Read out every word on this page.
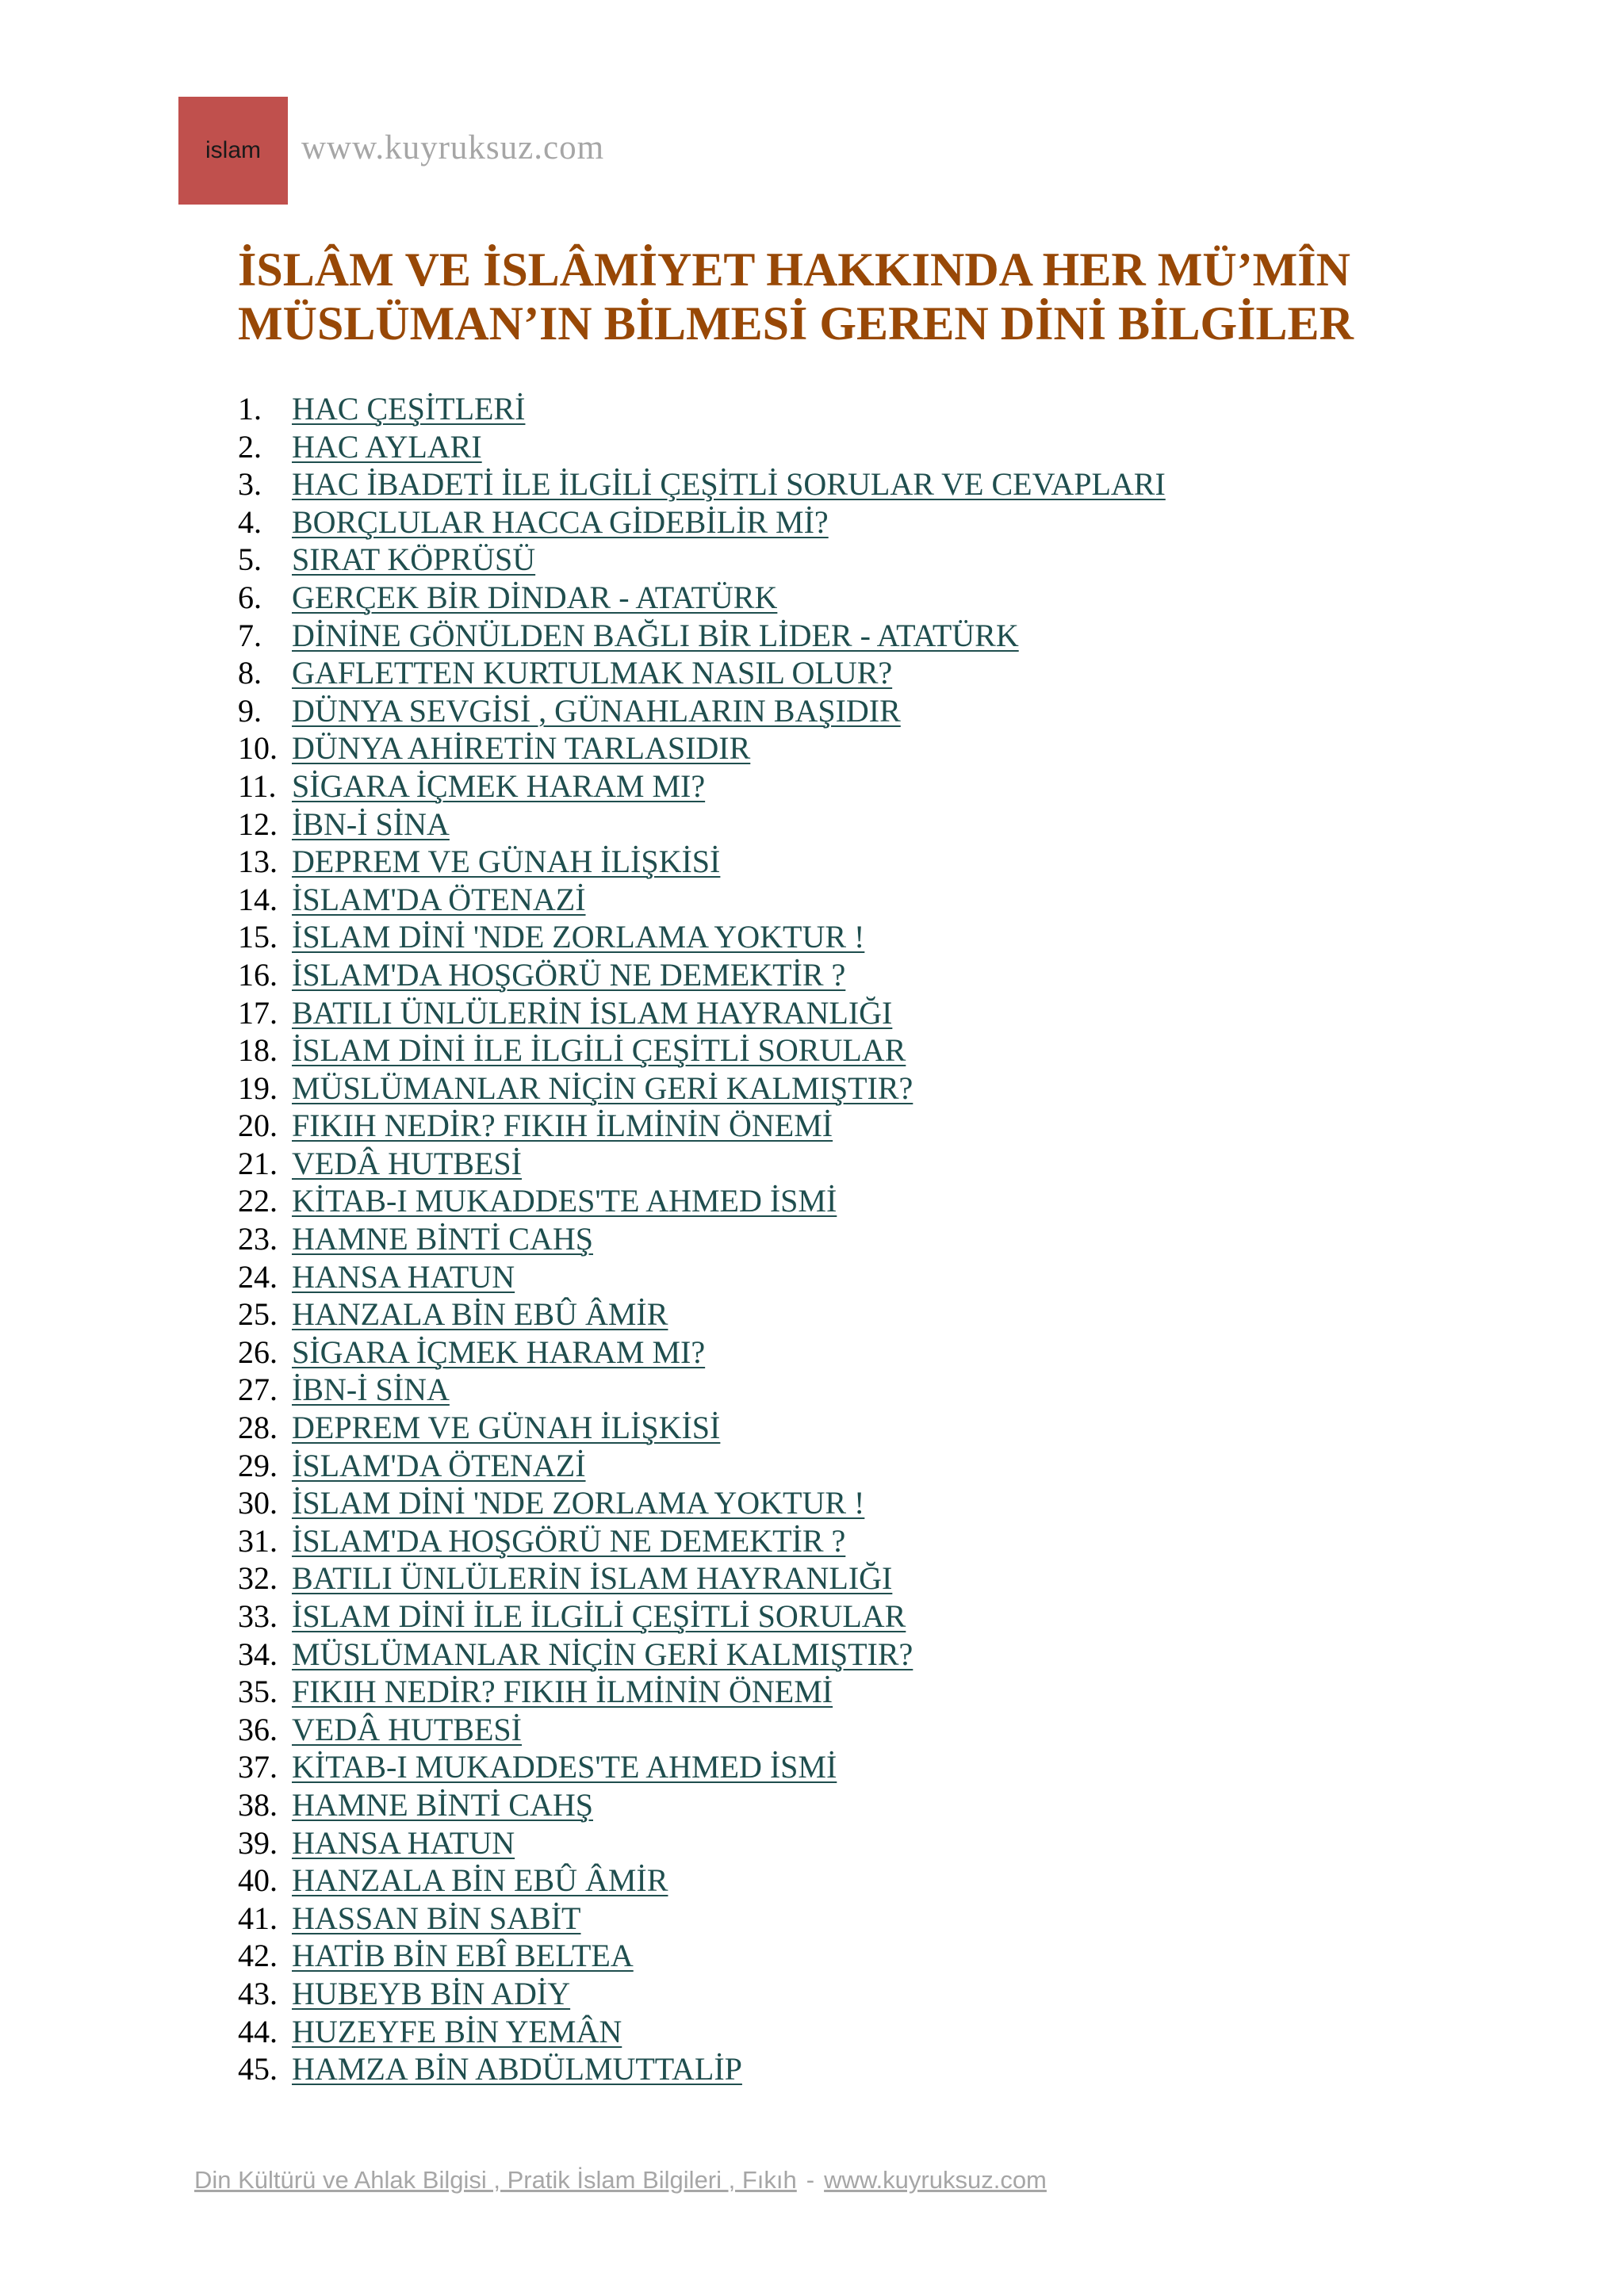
islam www.kuyruksuz.com
İSLÂM VE İSLÂMİYET HAKKINDA HER MÜ’MÎN
MÜSLÜMAN’IN BİLMESİ GEREN DİNİ BİLGİLER
1. HAC ÇEŞİTLERİ
2. HAC AYLARI
3. HAC İBADETİ İLE İLGİLİ ÇEŞİTLİ SORULAR VE CEVAPLARI
4. BORÇLULAR HACCA GİDEBİLİR Mİ?
5. SIRAT KÖPRÜSÜ
6. GERÇEK BİR DİNDAR - ATATÜRK
7. DİNİNE GÖNÜLDEN BAĞLI BİR LİDER - ATATÜRK
8. GAFLETTEN KURTULMAK NASIL OLUR?
9. DÜNYA SEVGİSİ , GÜNAHLARIN BAŞIDIR
10. DÜNYA AHİRETİN TARLASIDIR
11. SİGARA İÇMEK HARAM MI?
12. İBN-İ SİNA
13. DEPREM VE GÜNAH İLİŞKİSİ
14. İSLAM'DA ÖTENAZİ
15. İSLAM DİNİ 'NDE ZORLAMA YOKTUR !
16. İSLAM'DA HOŞGÖRÜ NE DEMEKTİR ?
17. BATILI ÜNLÜLERİN İSLAM HAYRANLIĞI
18. İSLAM DİNİ İLE İLGİLİ ÇEŞİTLİ SORULAR
19. MÜSLÜMANLAR NİÇİN GERİ KALMIŞTIR?
20. FIKIH NEDİR? FIKIH İLMİNİN ÖNEMİ
21. VEDÂ HUTBESİ
22. KİTAB-I MUKADDES'TE AHMED İSMİ
23. HAMNE BİNTİ CAHŞ
24. HANSA HATUN
25. HANZALA BİN EBÛ ÂMİR
26. SİGARA İÇMEK HARAM MI?
27. İBN-İ SİNA
28. DEPREM VE GÜNAH İLİŞKİSİ
29. İSLAM'DA ÖTENAZİ
30. İSLAM DİNİ 'NDE ZORLAMA YOKTUR !
31. İSLAM'DA HOŞGÖRÜ NE DEMEKTİR ?
32. BATILI ÜNLÜLERİN İSLAM HAYRANLIĞI
33. İSLAM DİNİ İLE İLGİLİ ÇEŞİTLİ SORULAR
34. MÜSLÜMANLAR NİÇİN GERİ KALMIŞTIR?
35. FIKIH NEDİR? FIKIH İLMİNİN ÖNEMİ
36. VEDÂ HUTBESİ
37. KİTAB-I MUKADDES'TE AHMED İSMİ
38. HAMNE BİNTİ CAHŞ
39. HANSA HATUN
40. HANZALA BİN EBÛ ÂMİR
41. HASSAN BİN SABİT
42. HATİB BİN EBÎ BELTEA
43. HUBEYB BİN ADİY
44. HUZEYFE BİN YEMÂN
45. HAMZA BİN ABDÜLMUTTALİP
Din Kültürü ve Ahlak Bilgisi , Pratik İslam Bilgileri , Fıkıh - www.kuyruksuz.com
